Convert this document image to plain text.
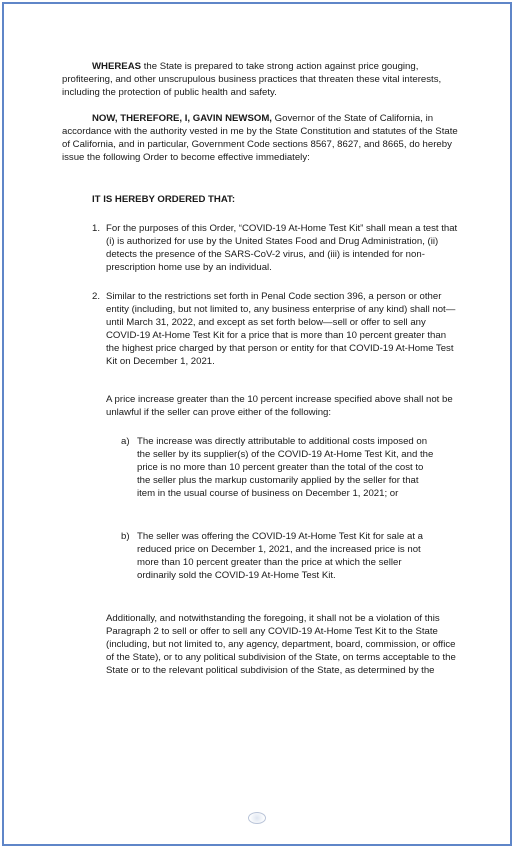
WHEREAS the State is prepared to take strong action against price gouging, profiteering, and other unscrupulous business practices that threaten these vital interests, including the protection of public health and safety.

NOW, THEREFORE, I, GAVIN NEWSOM, Governor of the State of California, in accordance with the authority vested in me by the State Constitution and statutes of the State of California, and in particular, Government Code sections 8567, 8627, and 8665, do hereby issue the following Order to become effective immediately:

IT IS HEREBY ORDERED THAT:
1. For the purposes of this Order, “COVID-19 At-Home Test Kit” shall mean a test that (i) is authorized for use by the United States Food and Drug Administration, (ii) detects the presence of the SARS-CoV-2 virus, and (iii) is intended for non-prescription home use by an individual.
2. Similar to the restrictions set forth in Penal Code section 396, a person or other entity (including, but not limited to, any business enterprise of any kind) shall not—until March 31, 2022, and except as set forth below—sell or offer to sell any COVID-19 At-Home Test Kit for a price that is more than 10 percent greater than the highest price charged by that person or entity for that COVID-19 At-Home Test Kit on December 1, 2021.
A price increase greater than the 10 percent increase specified above shall not be unlawful if the seller can prove either of the following:
a) The increase was directly attributable to additional costs imposed on the seller by its supplier(s) of the COVID-19 At-Home Test Kit, and the price is no more than 10 percent greater than the total of the cost to the seller plus the markup customarily applied by the seller for that item in the usual course of business on December 1, 2021; or
b) The seller was offering the COVID-19 At-Home Test Kit for sale at a reduced price on December 1, 2021, and the increased price is not more than 10 percent greater than the price at which the seller ordinarily sold the COVID-19 At-Home Test Kit.
Additionally, and notwithstanding the foregoing, it shall not be a violation of this Paragraph 2 to sell or offer to sell any COVID-19 At-Home Test Kit to the State (including, but not limited to, any agency, department, board, commission, or office of the State), or to any political subdivision of the State, on terms acceptable to the State or to the relevant political subdivision of the State, as determined by the
